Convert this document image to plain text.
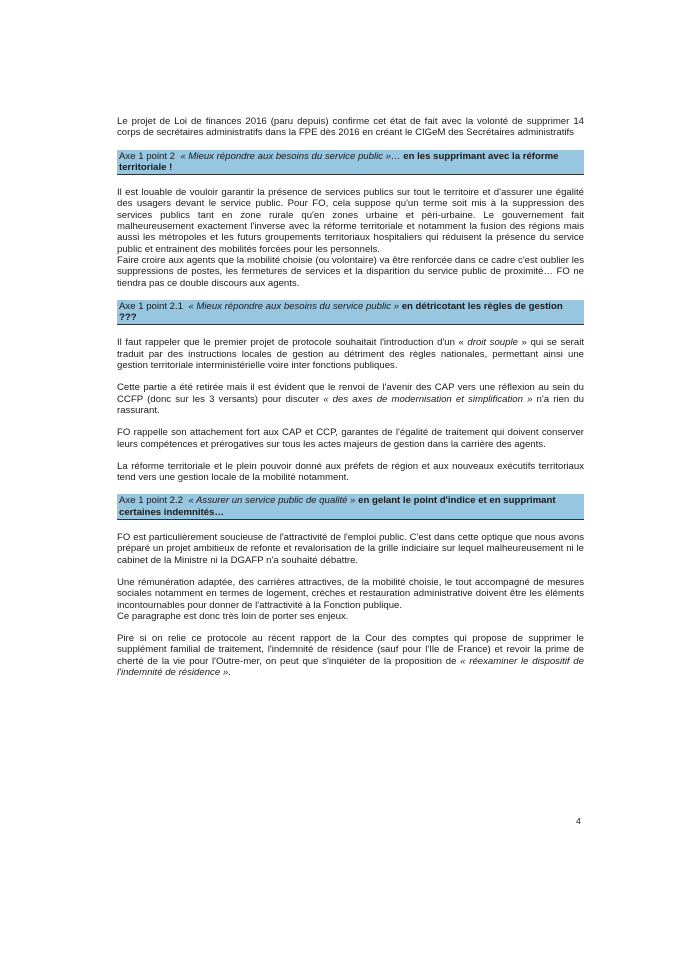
Le projet de Loi de finances 2016 (paru depuis) confirme cet état de fait avec la volonté de supprimer 14 corps de secrétaires administratifs dans la FPE dès 2016 en créant le CIGeM des Secrétaires administratifs

Axe 1 point 2 « Mieux répondre aux besoins du service public »… en les supprimant avec la réforme territoriale !

Il est louable de vouloir garantir la présence de services publics sur tout le territoire et d'assurer une égalité des usagers devant le service public. Pour FO, cela suppose qu'un terme soit mis à la suppression des services publics tant en zone rurale qu'en zones urbaine et péri-urbaine. Le gouvernement fait malheureusement exactement l'inverse avec la réforme territoriale et notamment la fusion des régions mais aussi les métropoles et les futurs groupements territoriaux hospitaliers qui réduisent la présence du service public et entrainent des mobilités forcées pour les personnels.

Faire croire aux agents que la mobilité choisie (ou volontaire) va être renforcée dans ce cadre c'est oublier les suppressions de postes, les fermetures de services et la disparition du service public de proximité… FO ne tiendra pas ce double discours aux agents.

Axe 1 point 2.1 « Mieux répondre aux besoins du service public » en détricotant les règles de gestion ???

Il faut rappeler que le premier projet de protocole souhaitait l'introduction d'un « droit souple » qui se serait traduit par des instructions locales de gestion au détriment des règles nationales, permettant ainsi une gestion territoriale interministérielle voire inter fonctions publiques.

Cette partie a été retirée mais il est évident que le renvoi de l'avenir des CAP vers une réflexion au sein du CCFP (donc sur les 3 versants) pour discuter « des axes de modernisation et simplification » n'a rien du rassurant.

FO rappelle son attachement fort aux CAP et CCP, garantes de l'égalité de traitement qui doivent conserver leurs compétences et prérogatives sur tous les actes majeurs de gestion dans la carrière des agents.

La réforme territoriale et le plein pouvoir donné aux préfets de région et aux nouveaux exécutifs territoriaux tend vers une gestion locale de la mobilité notamment.

Axe 1 point 2.2 « Assurer un service public de qualité » en gelant le point d'indice et en supprimant certaines indemnités…

FO est particulièrement soucieuse de l'attractivité de l'emploi public. C'est dans cette optique que nous avons préparé un projet ambitieux de refonte et revalorisation de la grille indiciaire sur lequel malheureusement ni le cabinet de la Ministre ni la DGAFP n'a souhaité débattre.

Une rémunération adaptée, des carrières attractives, de la mobilité choisie, le tout accompagné de mesures sociales notamment en termes de logement, crèches et restauration administrative doivent être les éléments incontournables pour donner de l'attractivité à la Fonction publique.

Ce paragraphe est donc très loin de porter ses enjeux.

Pire si on relie ce protocole au récent rapport de la Cour des comptes qui propose de supprimer le supplément familial de traitement, l'indemnité de résidence (sauf pour l'Ile de France) et revoir la prime de cherté de la vie pour l'Outre-mer, on peut que s'inquiéter de la proposition de « réexaminer le dispositif de l'indemnité de résidence ».

4
